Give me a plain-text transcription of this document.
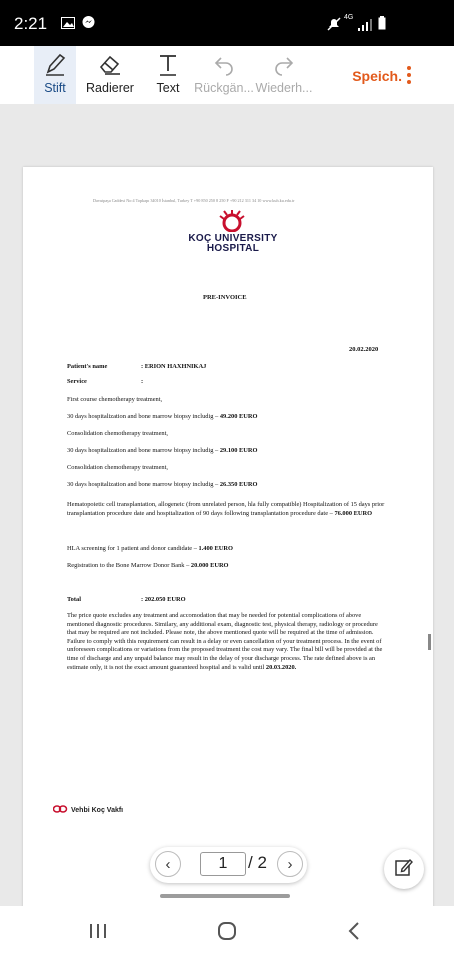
2:21	4G
Stift	Radierer	Text	Rückgän... Wiederh...
Speich.
Davutpaşa Caddesi No:4 Topkapı 34010 İstanbul, Turkey T +90 850 250 8 250 F +90 212 311 34 10 www.kuh.ku.edu.tr
KOÇ UNIVERSITY
HOSPITAL
PRE-INVOICE
20.02.2020
Patient's name	: ERION HAXHNIKAJ
Service	:
First course chemotherapy treatment,
30 days hospitalization and bone marrow biopsy includig – 49.200 EURO
Consolidation chemotherapy treatment,
30 days hospitalization and bone marrow biopsy includig – 29.100 EURO
Consolidation chemotherapy treatment,
30 days hospitalization and bone marrow biopsy includig – 26.350 EURO
Hematopoietic cell transplantation, allogeneic (from unrelated person, hla fully compatible) Hospitalization of 15 days prior transplantation procedure date and hospitalization of 90 days following transplantation procedure date – 76.000 EURO
HLA screening for 1 patient and donor candidate – 1.400 EURO
Registration to the Bone Marrow Donor Bank – 20.000 EURO
Total	: 202.050 EURO
The price quote excludes any treatment and accomodation that may be needed for potential complications of above mentioned diagnostic procedures. Similary, any additional exam, diagnostic test, physical therapy, radiology or procedure that may be required are not included. Please note, the above mentioned quote will be required at the time of admission. Failure to comply with this requirement can result in a delay or even cancellation of your treatment process. In the event of unforeseen complications or variations from the proposed treatment the cost may vary. The final bill will be provided at the time of discharge and any unpaid balance may result in the delay of your discharge process. The rate defined above is an estimate only, it is not the exact amount guaranteed hospital and is valid until 20.03.2020.
Vehbi Koç Vakfı
‹	1	/ 2 ›
